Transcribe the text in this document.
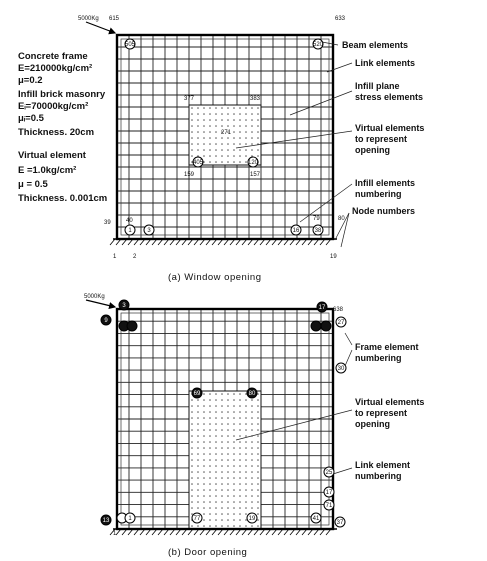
5000Kg 615	633
Concrete frame
E=210000kg/cm²
μ=0.2
Infill brick masonry
Eᵢ=70000kg/cm²
μᵢ=0.5
Thickness. 20cm
Virtual element
E =1.0kg/cm²
μ = 0.5
Thickness. 0.001cm
505	520
1	3	16	38
405	120
377	383
271
159	157
39	40	79	80
1	2	19
Beam elements
Link elements
Infill plane
stress elements
Virtual elements
to represent
opening
Infill elements
numbering
Node numbers
(a) Window opening
5000Kg
638
3
9
17
27
30
69	80
25
17
71
13	1	77	19	41
37
Frame element
numbering
Virtual elements
to represent
opening
Link element
numbering
1
(b) Door opening
